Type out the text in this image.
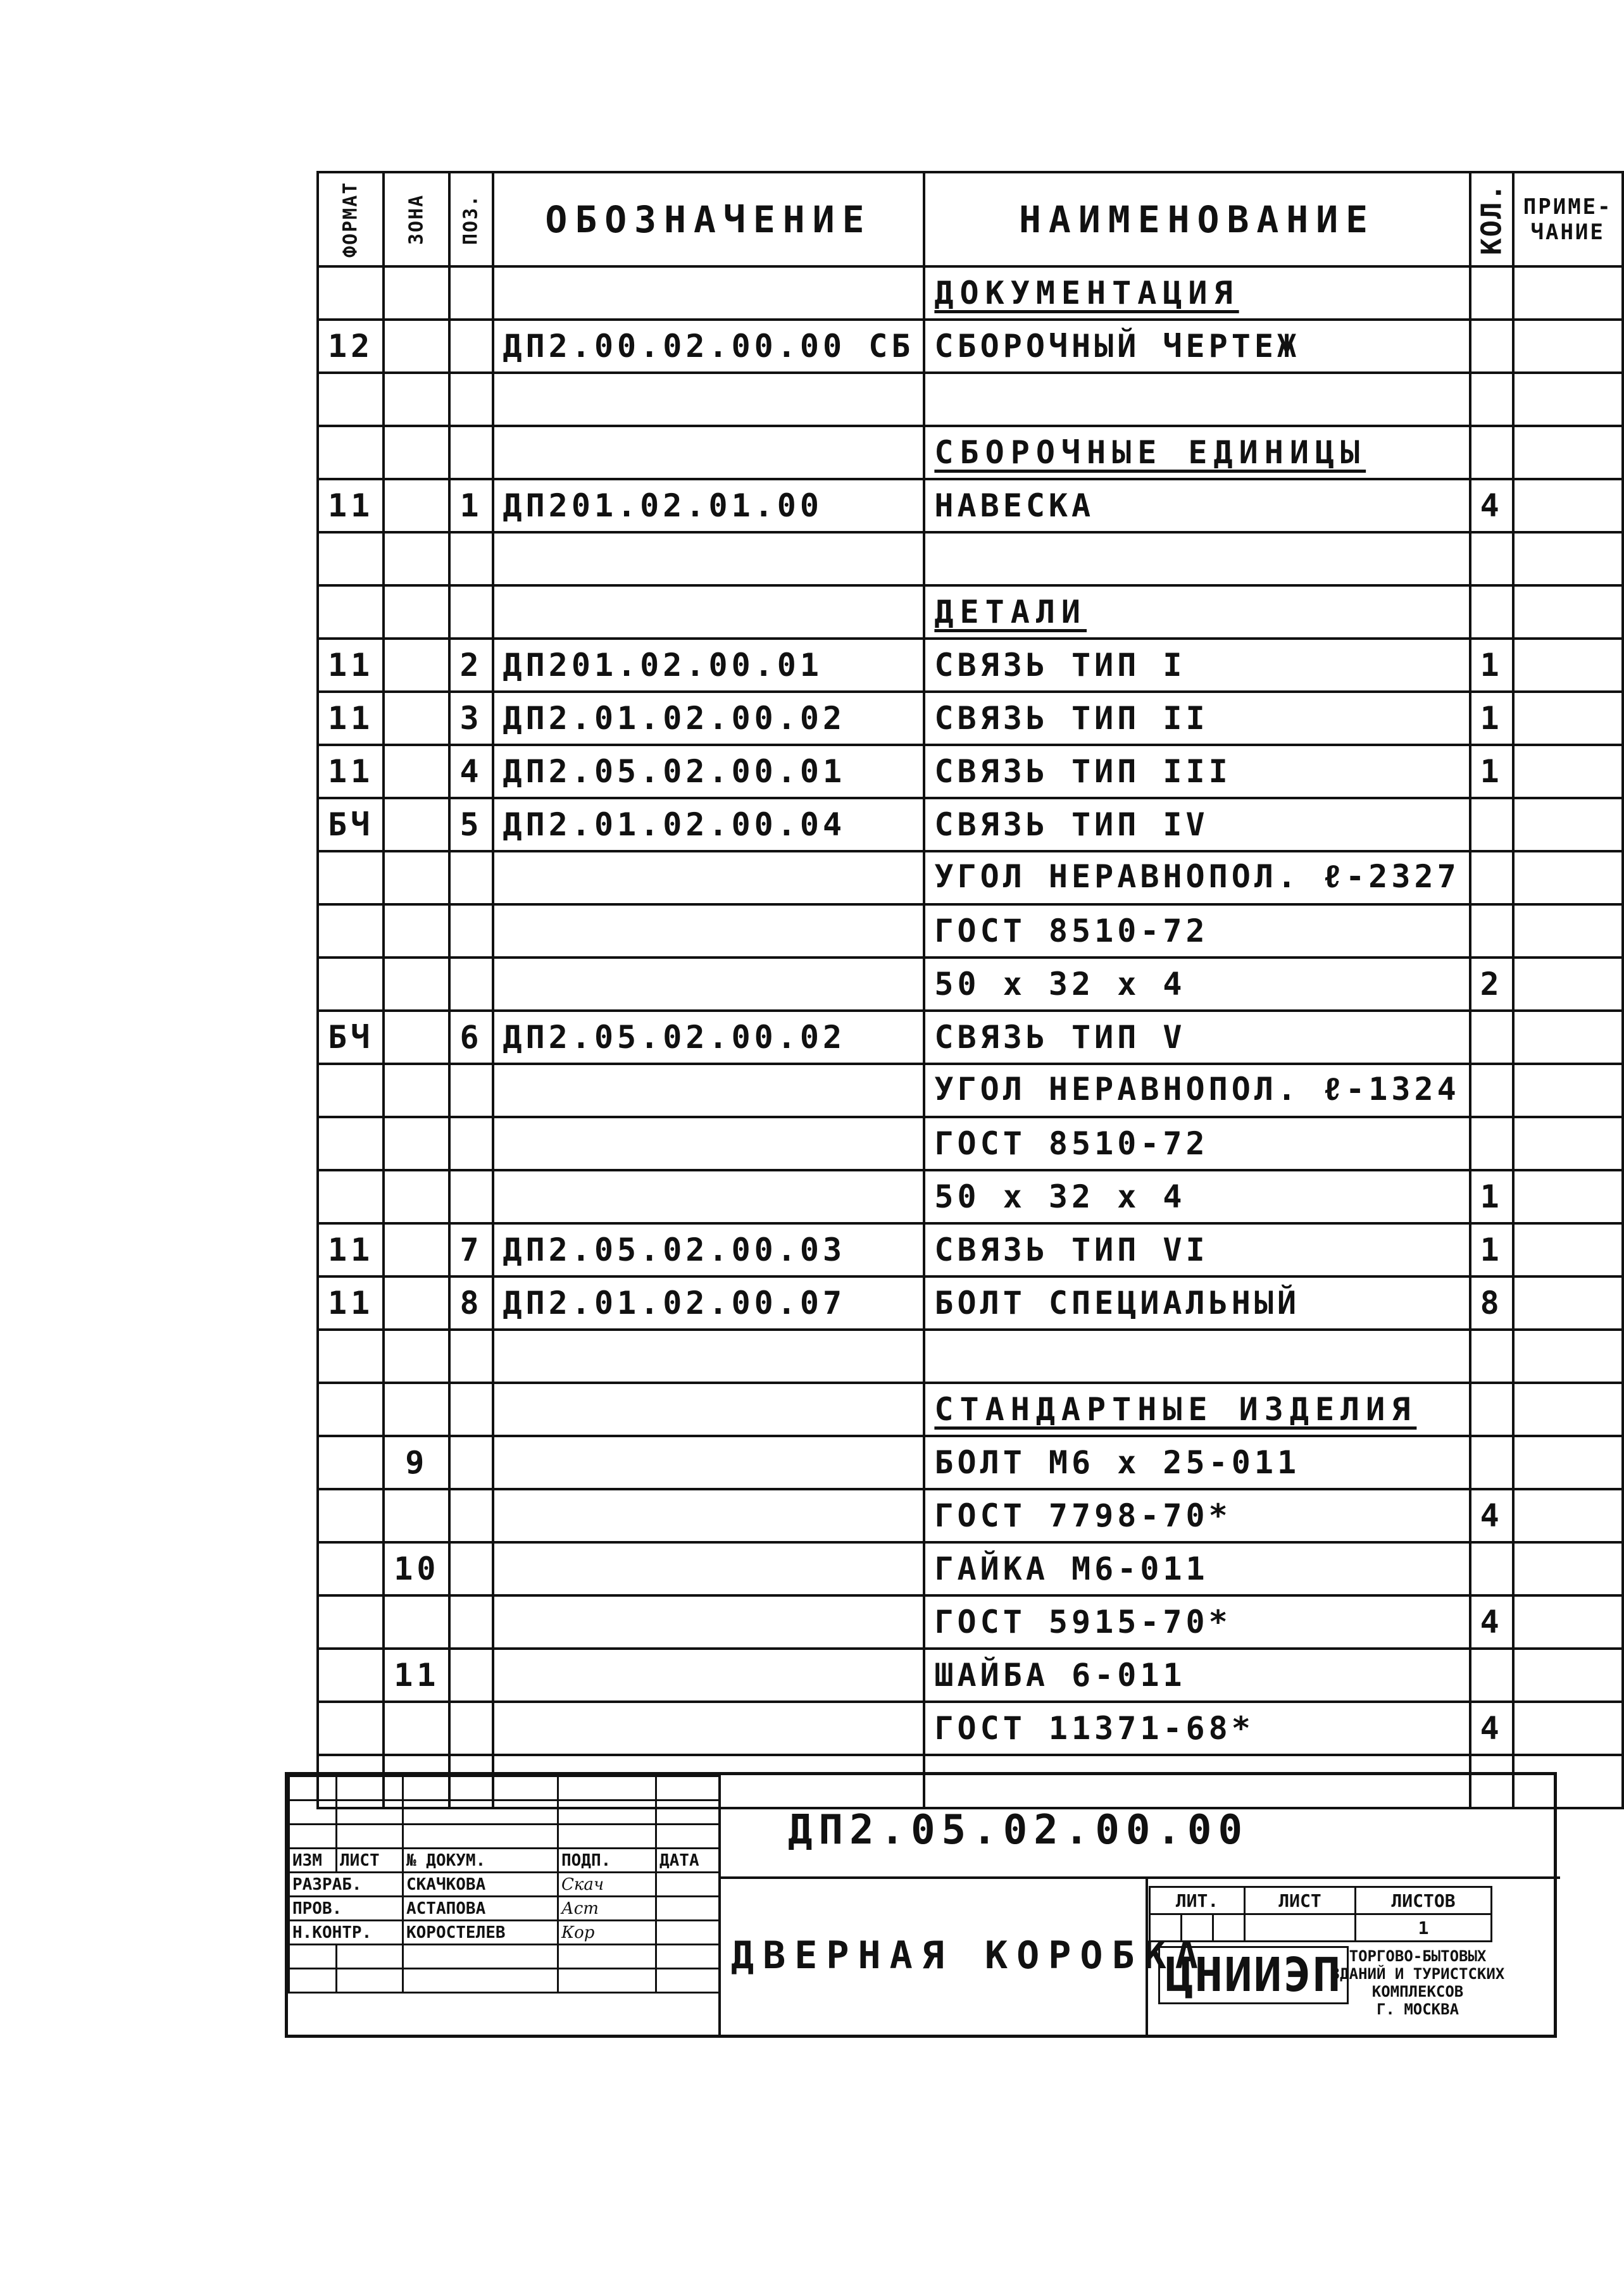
ФОРМАТ	ЗОНА	ПОЗ.	ОБОЗНАЧЕНИЕ	НАИМЕНОВАНИЕ	КОЛ.	ПРИМЕ-ЧАНИЕ
				ДОКУМЕНТАЦИЯ		
12			ДП2.00.02.00.00 СБ	СБОРОЧНЫЙ ЧЕРТЕЖ		

				СБОРОЧНЫЕ ЕДИНИЦЫ		
11		1	ДП201.02.01.00	НАВЕСКА	4	

				ДЕТАЛИ		
11		2	ДП201.02.00.01	СВЯЗЬ ТИП I	1	
11		3	ДП2.01.02.00.02	СВЯЗЬ ТИП II	1	
11		4	ДП2.05.02.00.01	СВЯЗЬ ТИП III	1	
БЧ		5	ДП2.01.02.00.04	СВЯЗЬ ТИП IV		
				УГОЛ НЕРАВНОПОЛ. ℓ-2327		
				ГОСТ 8510-72		
				50 x 32 x 4	2	
БЧ		6	ДП2.05.02.00.02	СВЯЗЬ ТИП V		
				УГОЛ НЕРАВНОПОЛ. ℓ-1324		
				ГОСТ 8510-72		
				50 x 32 x 4	1	
11		7	ДП2.05.02.00.03	СВЯЗЬ ТИП VI	1	
11		8	ДП2.01.02.00.07	БОЛТ СПЕЦИАЛЬНЫЙ	8	

				СТАНДАРТНЫЕ ИЗДЕЛИЯ		
	9			БОЛТ М6 x 25-011		
				ГОСТ 7798-70*	4	
	10			ГАЙКА М6-011		
				ГОСТ 5915-70*	4	
	11			ШАЙБА 6-011		
				ГОСТ 11371-68*	4	

ИЗМ	ЛИСТ	№ ДОКУМ.	ПОДП.	ДАТА
РАЗРАБ.		СКАЧКОВА	Скач	
ПРОВ.		АСТАПОВА	Аст	
Н.КОНТР.		КОРОСТЕЛЕВ	Кор	

ДП2.05.02.00.00
ДВЕРНАЯ КОРОБКА
ЛИТ.			ЛИСТ	ЛИСТОВ
				1
ЦНИИЭП ТОРГОВО-БЫТОВЫХ
ЗДАНИЙ И ТУРИСТСКИХ
КОМПЛЕКСОВ
Г. МОСКВА
